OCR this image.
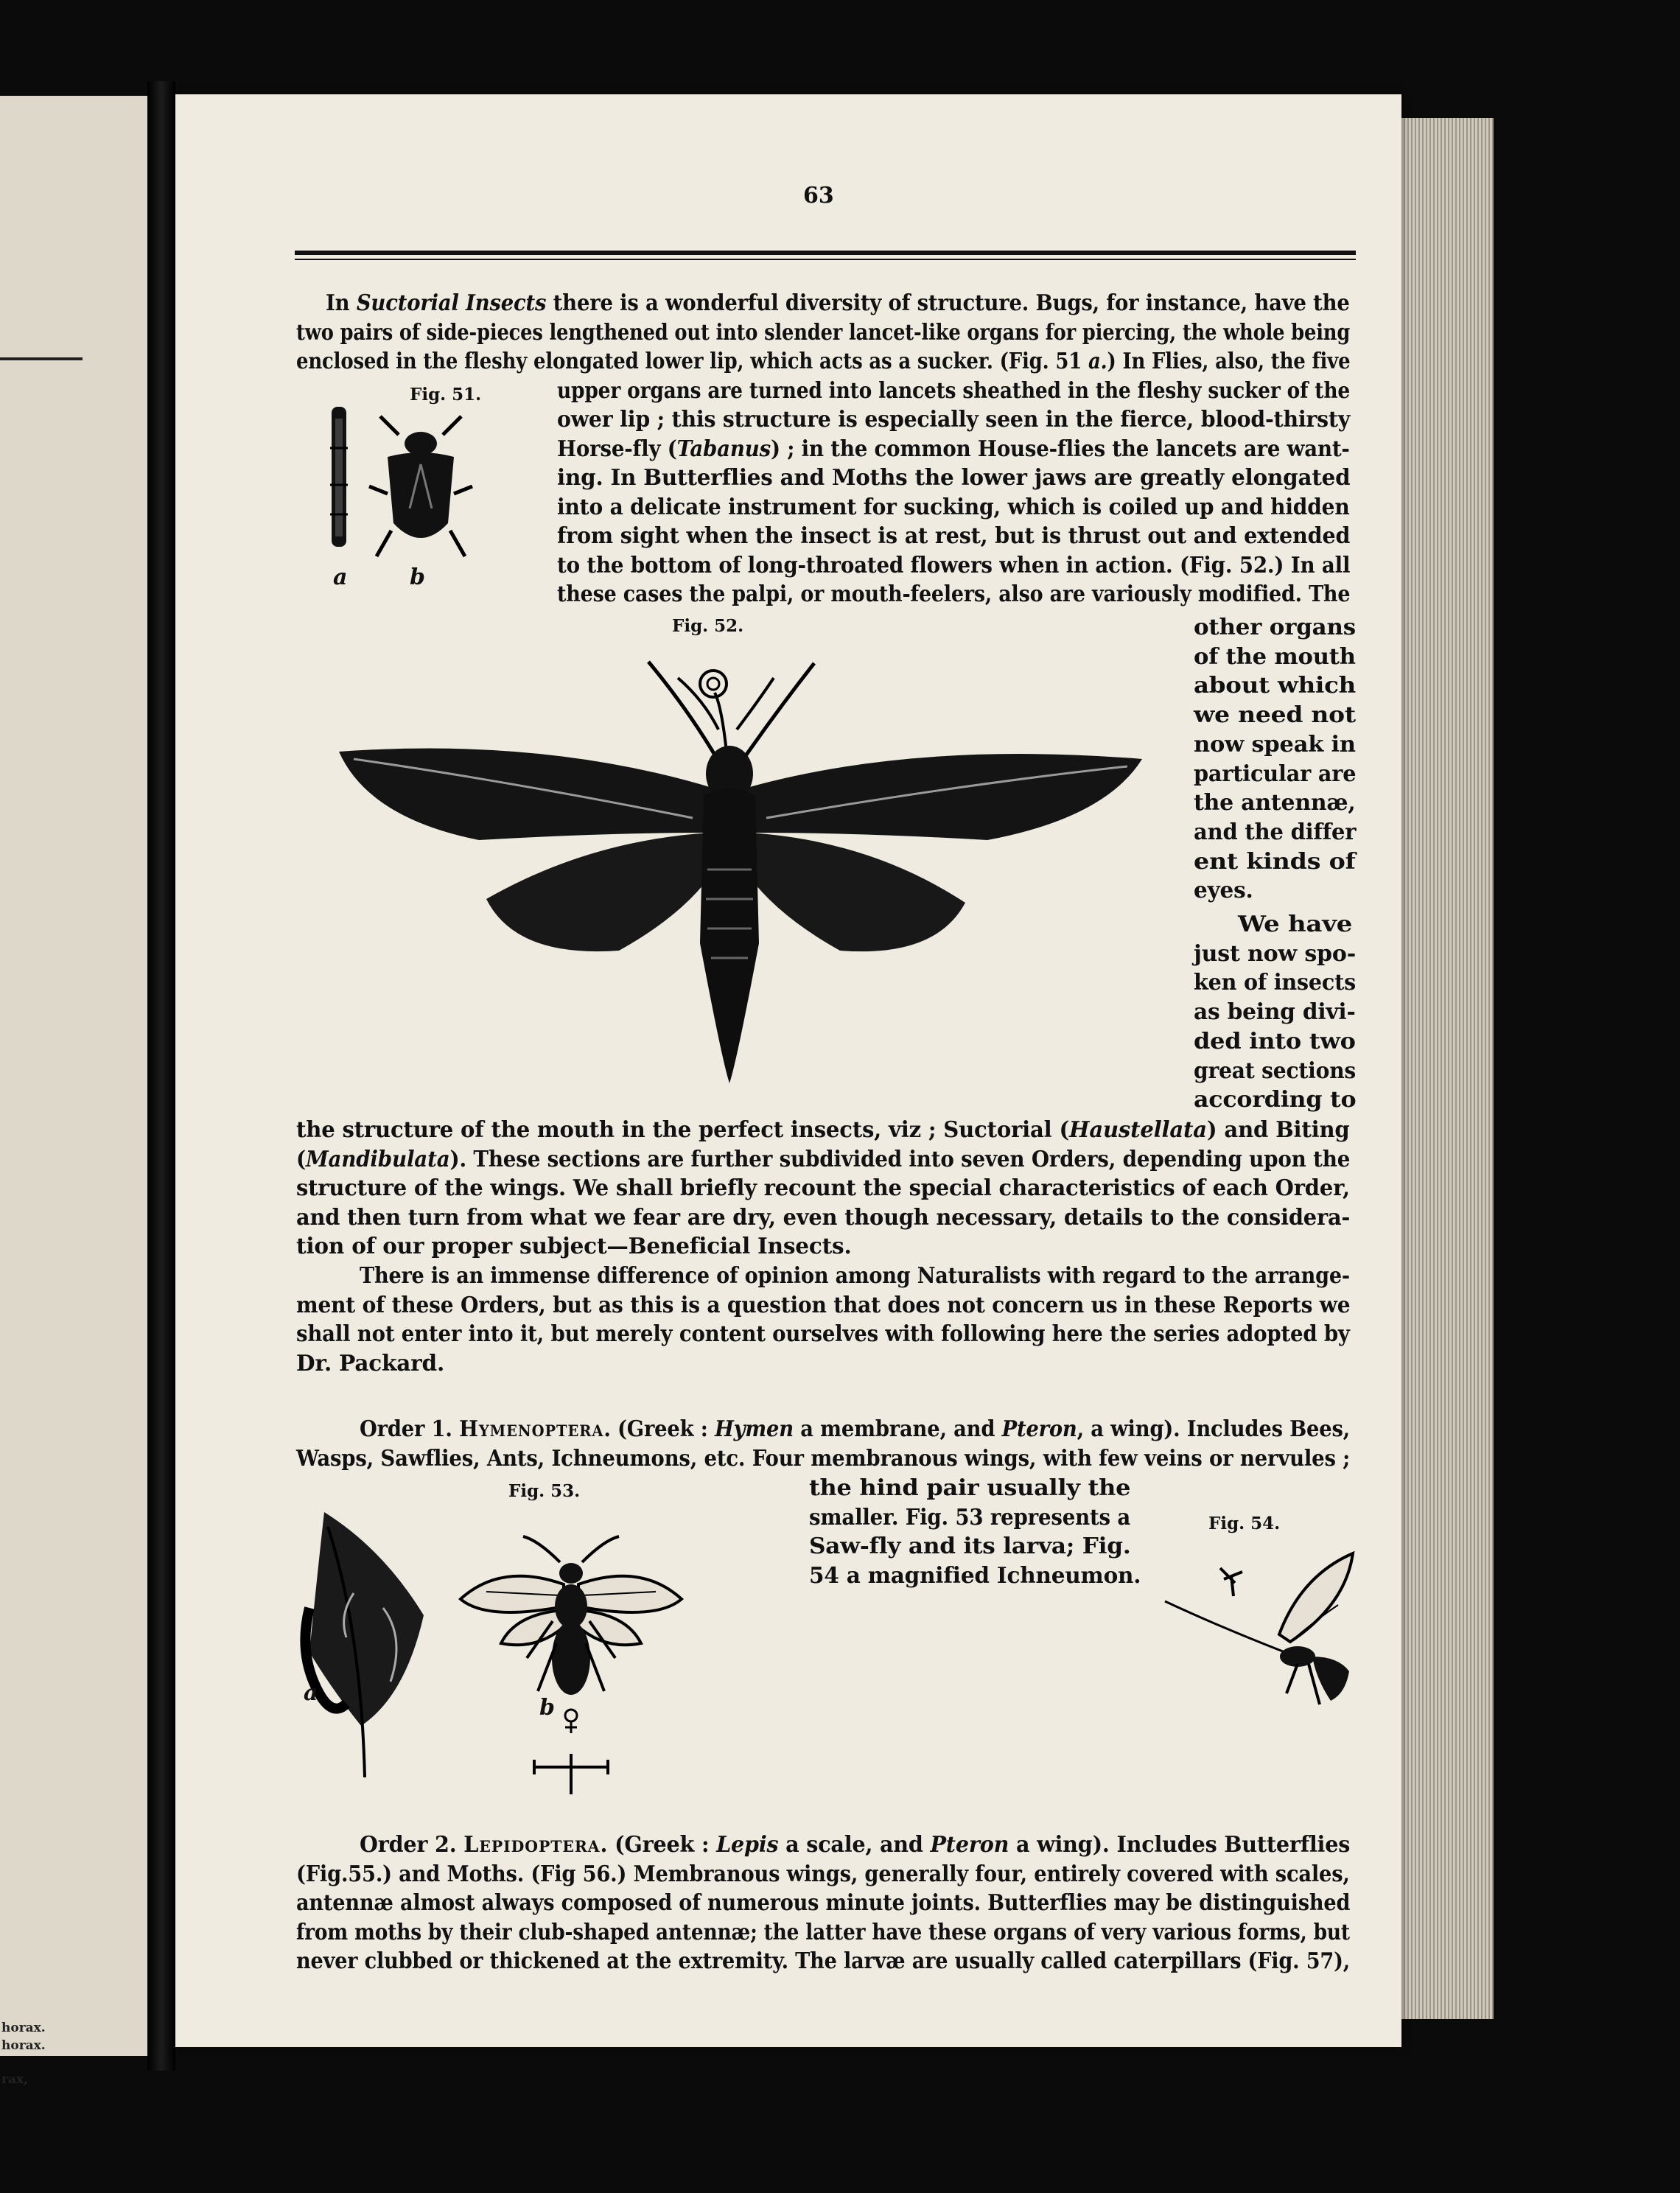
horax.
horax.
rax,
63
In Suctorial Insects there is a wonderful diversity of structure. Bugs, for instance, have the
two pairs of side-pieces lengthened out into slender lancet-like organs for piercing, the whole being
enclosed in the fleshy elongated lower lip, which acts as a sucker. (Fig. 51 a.) In Flies, also, the five
upper organs are turned into lancets sheathed in the fleshy sucker of the
ower lip ; this structure is especially seen in the fierce, blood-thirsty
Horse-fly (Tabanus) ; in the common House-flies the lancets are want-
ing. In Butterflies and Moths the lower jaws are greatly elongated
into a delicate instrument for sucking, which is coiled up and hidden
from sight when the insect is at rest, but is thrust out and extended
to the bottom of long-throated flowers when in action. (Fig. 52.) In all
these cases the palpi, or mouth-feelers, also are variously modified. The
other organs
of the mouth
about which
we need not
now speak in
particular are
the antennæ,
and the differ
ent kinds of
eyes.
We have
just now spo-
ken of insects
as being divi-
ded into two
great sections
according to
the structure of the mouth in the perfect insects, viz ; Suctorial (Haustellata) and Biting
(Mandibulata). These sections are further subdivided into seven Orders, depending upon the
structure of the wings. We shall briefly recount the special characteristics of each Order,
and then turn from what we fear are dry, even though necessary, details to the considera-
tion of our proper subject—Beneficial Insects.
There is an immense difference of opinion among Naturalists with regard to the arrange-
ment of these Orders, but as this is a question that does not concern us in these Reports we
shall not enter into it, but merely content ourselves with following here the series adopted by
Dr. Packard.
Order 1. Hymenoptera. (Greek : Hymen a membrane, and Pteron, a wing). Includes Bees,
Wasps, Sawflies, Ants, Ichneumons, etc. Four membranous wings, with few veins or nervules ;
the hind pair usually the
smaller. Fig. 53 represents a
Saw-fly and its larva; Fig.
54 a magnified Ichneumon.
Order 2. Lepidoptera. (Greek : Lepis a scale, and Pteron a wing). Includes Butterflies
(Fig.55.) and Moths. (Fig 56.) Membranous wings, generally four, entirely covered with scales,
antennæ almost always composed of numerous minute joints. Butterflies may be distinguished
from moths by their club-shaped antennæ; the latter have these organs of very various forms, but
never clubbed or thickened at the extremity. The larvæ are usually called caterpillars (Fig. 57),
Fig. 51.
a	b
Fig. 52.
Fig. 53.
a
b
Fig. 54.
